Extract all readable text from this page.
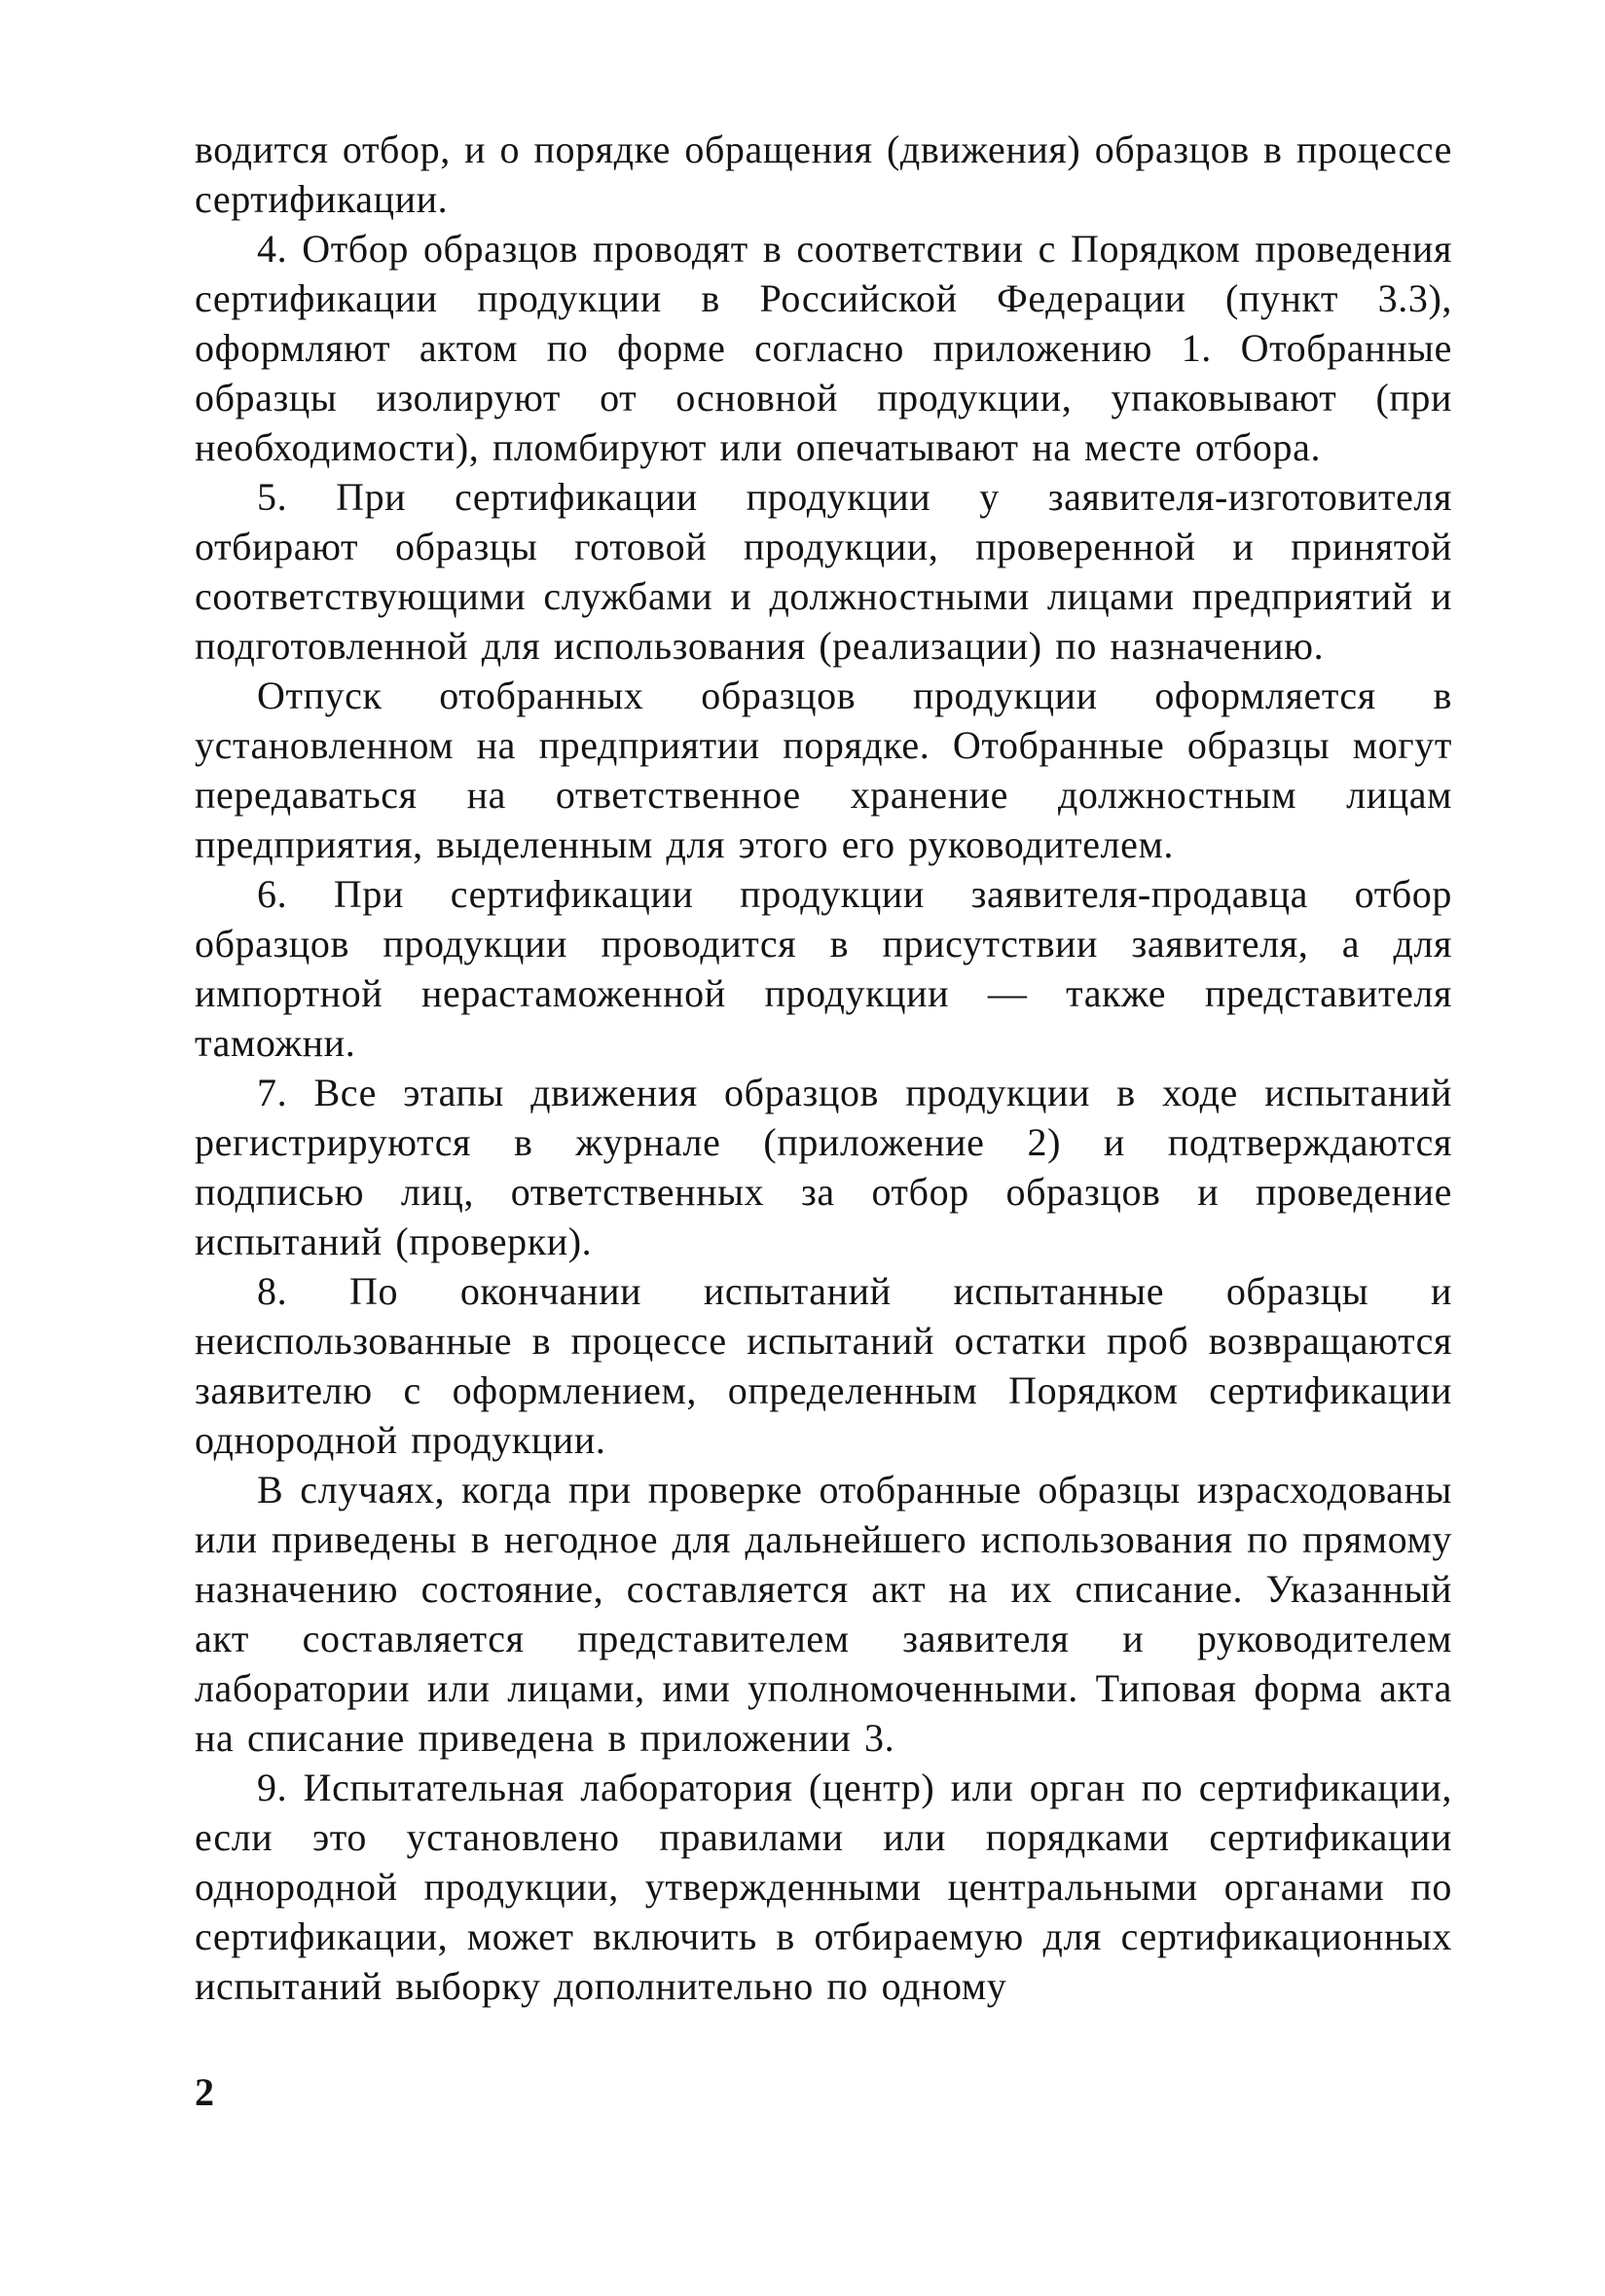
водится отбор, и о порядке обращения (движения) образцов в процессе сертификации.

4. Отбор образцов проводят в соответствии с Порядком проведения сертификации продукции в Российской Федерации (пункт 3.3), оформляют актом по форме согласно приложению 1. Отобранные образцы изолируют от основной продукции, упаковывают (при необходимости), пломбируют или опечатывают на месте отбора.

5. При сертификации продукции у заявителя-изготовителя отбирают образцы готовой продукции, проверенной и принятой соответствующими службами и должностными лицами предприятий и подготовленной для использования (реализации) по назначению.

Отпуск отобранных образцов продукции оформляется в установленном на предприятии порядке. Отобранные образцы могут передаваться на ответственное хранение должностным лицам предприятия, выделенным для этого его руководителем.

6. При сертификации продукции заявителя-продавца отбор образцов продукции проводится в присутствии заявителя, а для импортной нерастаможенной продукции — также представителя таможни.

7. Все этапы движения образцов продукции в ходе испытаний регистрируются в журнале (приложение 2) и подтверждаются подписью лиц, ответственных за отбор образцов и проведение испытаний (проверки).

8. По окончании испытаний испытанные образцы и неиспользованные в процессе испытаний остатки проб возвращаются заявителю с оформлением, определенным Порядком сертификации однородной продукции.

В случаях, когда при проверке отобранные образцы израсходованы или приведены в негодное для дальнейшего использования по прямому назначению состояние, составляется акт на их списание. Указанный акт составляется представителем заявителя и руководителем лаборатории или лицами, ими уполномоченными. Типовая форма акта на списание приведена в приложении 3.

9. Испытательная лаборатория (центр) или орган по сертификации, если это установлено правилами или порядками сертификации однородной продукции, утвержденными центральными органами по сертификации, может включить в отбираемую для сертификационных испытаний выборку дополнительно по одному

2
